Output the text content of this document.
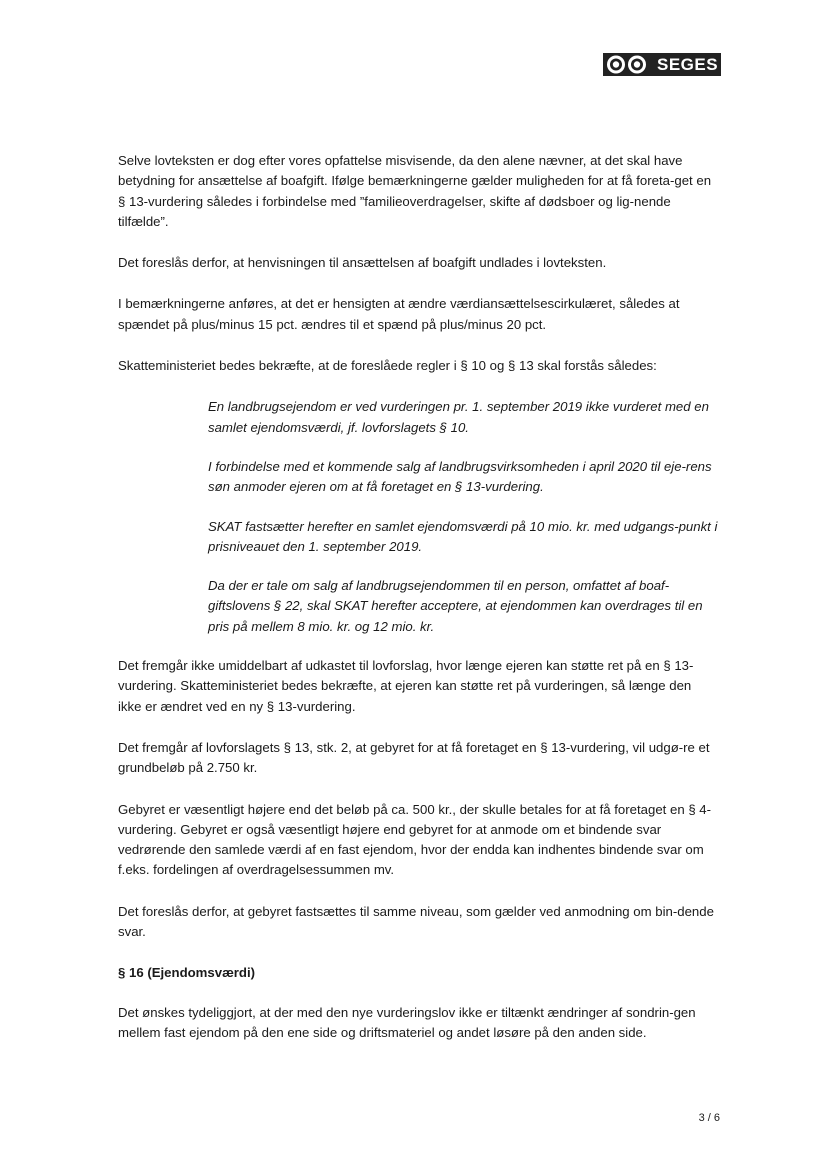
SEGES

Selve lovteksten er dog efter vores opfattelse misvisende, da den alene nævner, at det skal have betydning for ansættelse af boafgift. Ifølge bemærkningerne gælder muligheden for at få foreta-get en § 13-vurdering således i forbindelse med ”familieoverdragelser, skifte af dødsboer og lig-nende tilfælde”.

Det foreslås derfor, at henvisningen til ansættelsen af boafgift undlades i lovteksten.

I bemærkningerne anføres, at det er hensigten at ændre værdiansættelsescirkulæret, således at spændet på plus/minus 15 pct. ændres til et spænd på plus/minus 20 pct.

Skatteministeriet bedes bekræfte, at de foreslåede regler i § 10 og § 13 skal forstås således:

En landbrugsejendom er ved vurderingen pr. 1. september 2019 ikke vurderet med en samlet ejendomsværdi, jf. lovforslagets § 10.

I forbindelse med et kommende salg af landbrugsvirksomheden i april 2020 til eje-rens søn anmoder ejeren om at få foretaget en § 13-vurdering.

SKAT fastsætter herefter en samlet ejendomsværdi på 10 mio. kr. med udgangs-punkt i prisniveauet den 1. september 2019.

Da der er tale om salg af landbrugsejendommen til en person, omfattet af boaf-giftslovens § 22, skal SKAT herefter acceptere, at ejendommen kan overdrages til en pris på mellem 8 mio. kr. og 12 mio. kr.

Det fremgår ikke umiddelbart af udkastet til lovforslag, hvor længe ejeren kan støtte ret på en § 13-vurdering. Skatteministeriet bedes bekræfte, at ejeren kan støtte ret på vurderingen, så længe den ikke er ændret ved en ny § 13-vurdering.

Det fremgår af lovforslagets § 13, stk. 2, at gebyret for at få foretaget en § 13-vurdering, vil udgø-re et grundbeløb på 2.750 kr.

Gebyret er væsentligt højere end det beløb på ca. 500 kr., der skulle betales for at få foretaget en § 4-vurdering. Gebyret er også væsentligt højere end gebyret for at anmode om et bindende svar vedrørende den samlede værdi af en fast ejendom, hvor der endda kan indhentes bindende svar om f.eks. fordelingen af overdragelsessummen mv.

Det foreslås derfor, at gebyret fastsættes til samme niveau, som gælder ved anmodning om bin-dende svar.

§ 16 (Ejendomsværdi)

Det ønskes tydeliggjort, at der med den nye vurderingslov ikke er tiltænkt ændringer af sondrin-gen mellem fast ejendom på den ene side og driftsmateriel og andet løsøre på den anden side.

3 / 6
